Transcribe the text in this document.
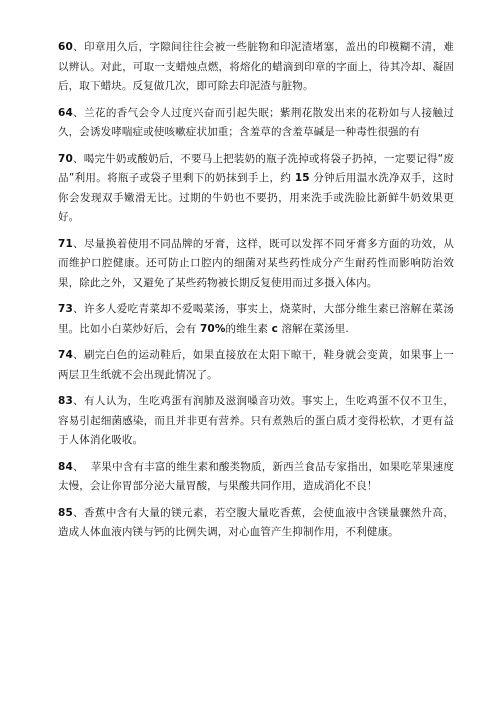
60、印章用久后，字隙间往往会被一些脏物和印泥渣堵塞，盖出的印模糊不清，难以辨认。对此，可取一支蜡烛点燃，将熔化的蜡滴到印章的字面上，待其冷却、凝固后，取下蜡块。反复做几次，即可除去印泥渣与脏物。

64、兰花的香气会令人过度兴奋而引起失眠；紫荆花散发出来的花粉如与人接触过久，会诱发哮喘症或使咳嗽症状加重；含羞草的含羞草碱是一种毒性很强的有

70、喝完牛奶或酸奶后，不要马上把装奶的瓶子洗掉或将袋子扔掉，一定要记得“废品”利用。将瓶子或袋子里剩下的奶抹到手上，约 15 分钟后用温水洗净双手，这时你会发现双手嫩滑无比。过期的牛奶也不要扔，用来洗手或洗脸比新鲜牛奶效果更好。

71、尽量换着使用不同品牌的牙膏，这样，既可以发挥不同牙膏多方面的功效，从而维护口腔健康。还可防止口腔内的细菌对某些药性成分产生耐药性而影响防治效果，除此之外，又避免了某些药物被长期反复使用而过多摄入体内。

73、许多人爱吃青菜却不爱喝菜汤，事实上，烧菜时，大部分维生素已溶解在菜汤里。比如小白菜炒好后，会有 70%的维生素 c 溶解在菜汤里.

74、刷完白色的运动鞋后，如果直接放在太阳下晾干，鞋身就会变黄，如果事上一两层卫生纸就不会出现此情况了。

83、有人认为，生吃鸡蛋有润肺及滋润嗓音功效。事实上，生吃鸡蛋不仅不卫生，容易引起细菌感染，而且并非更有营养。只有煮熟后的蛋白质才变得松软，才更有益于人体消化吸收。

84、 苹果中含有丰富的维生素和酸类物质，新西兰食品专家指出，如果吃苹果速度太慢，会让你胃部分泌大量胃酸，与果酸共同作用，造成消化不良！

85、香蕉中含有大量的镁元素，若空腹大量吃香蕉，会使血液中含镁量骤然升高，造成人体血液内镁与钙的比例失调，对心血管产生抑制作用，不利健康。
